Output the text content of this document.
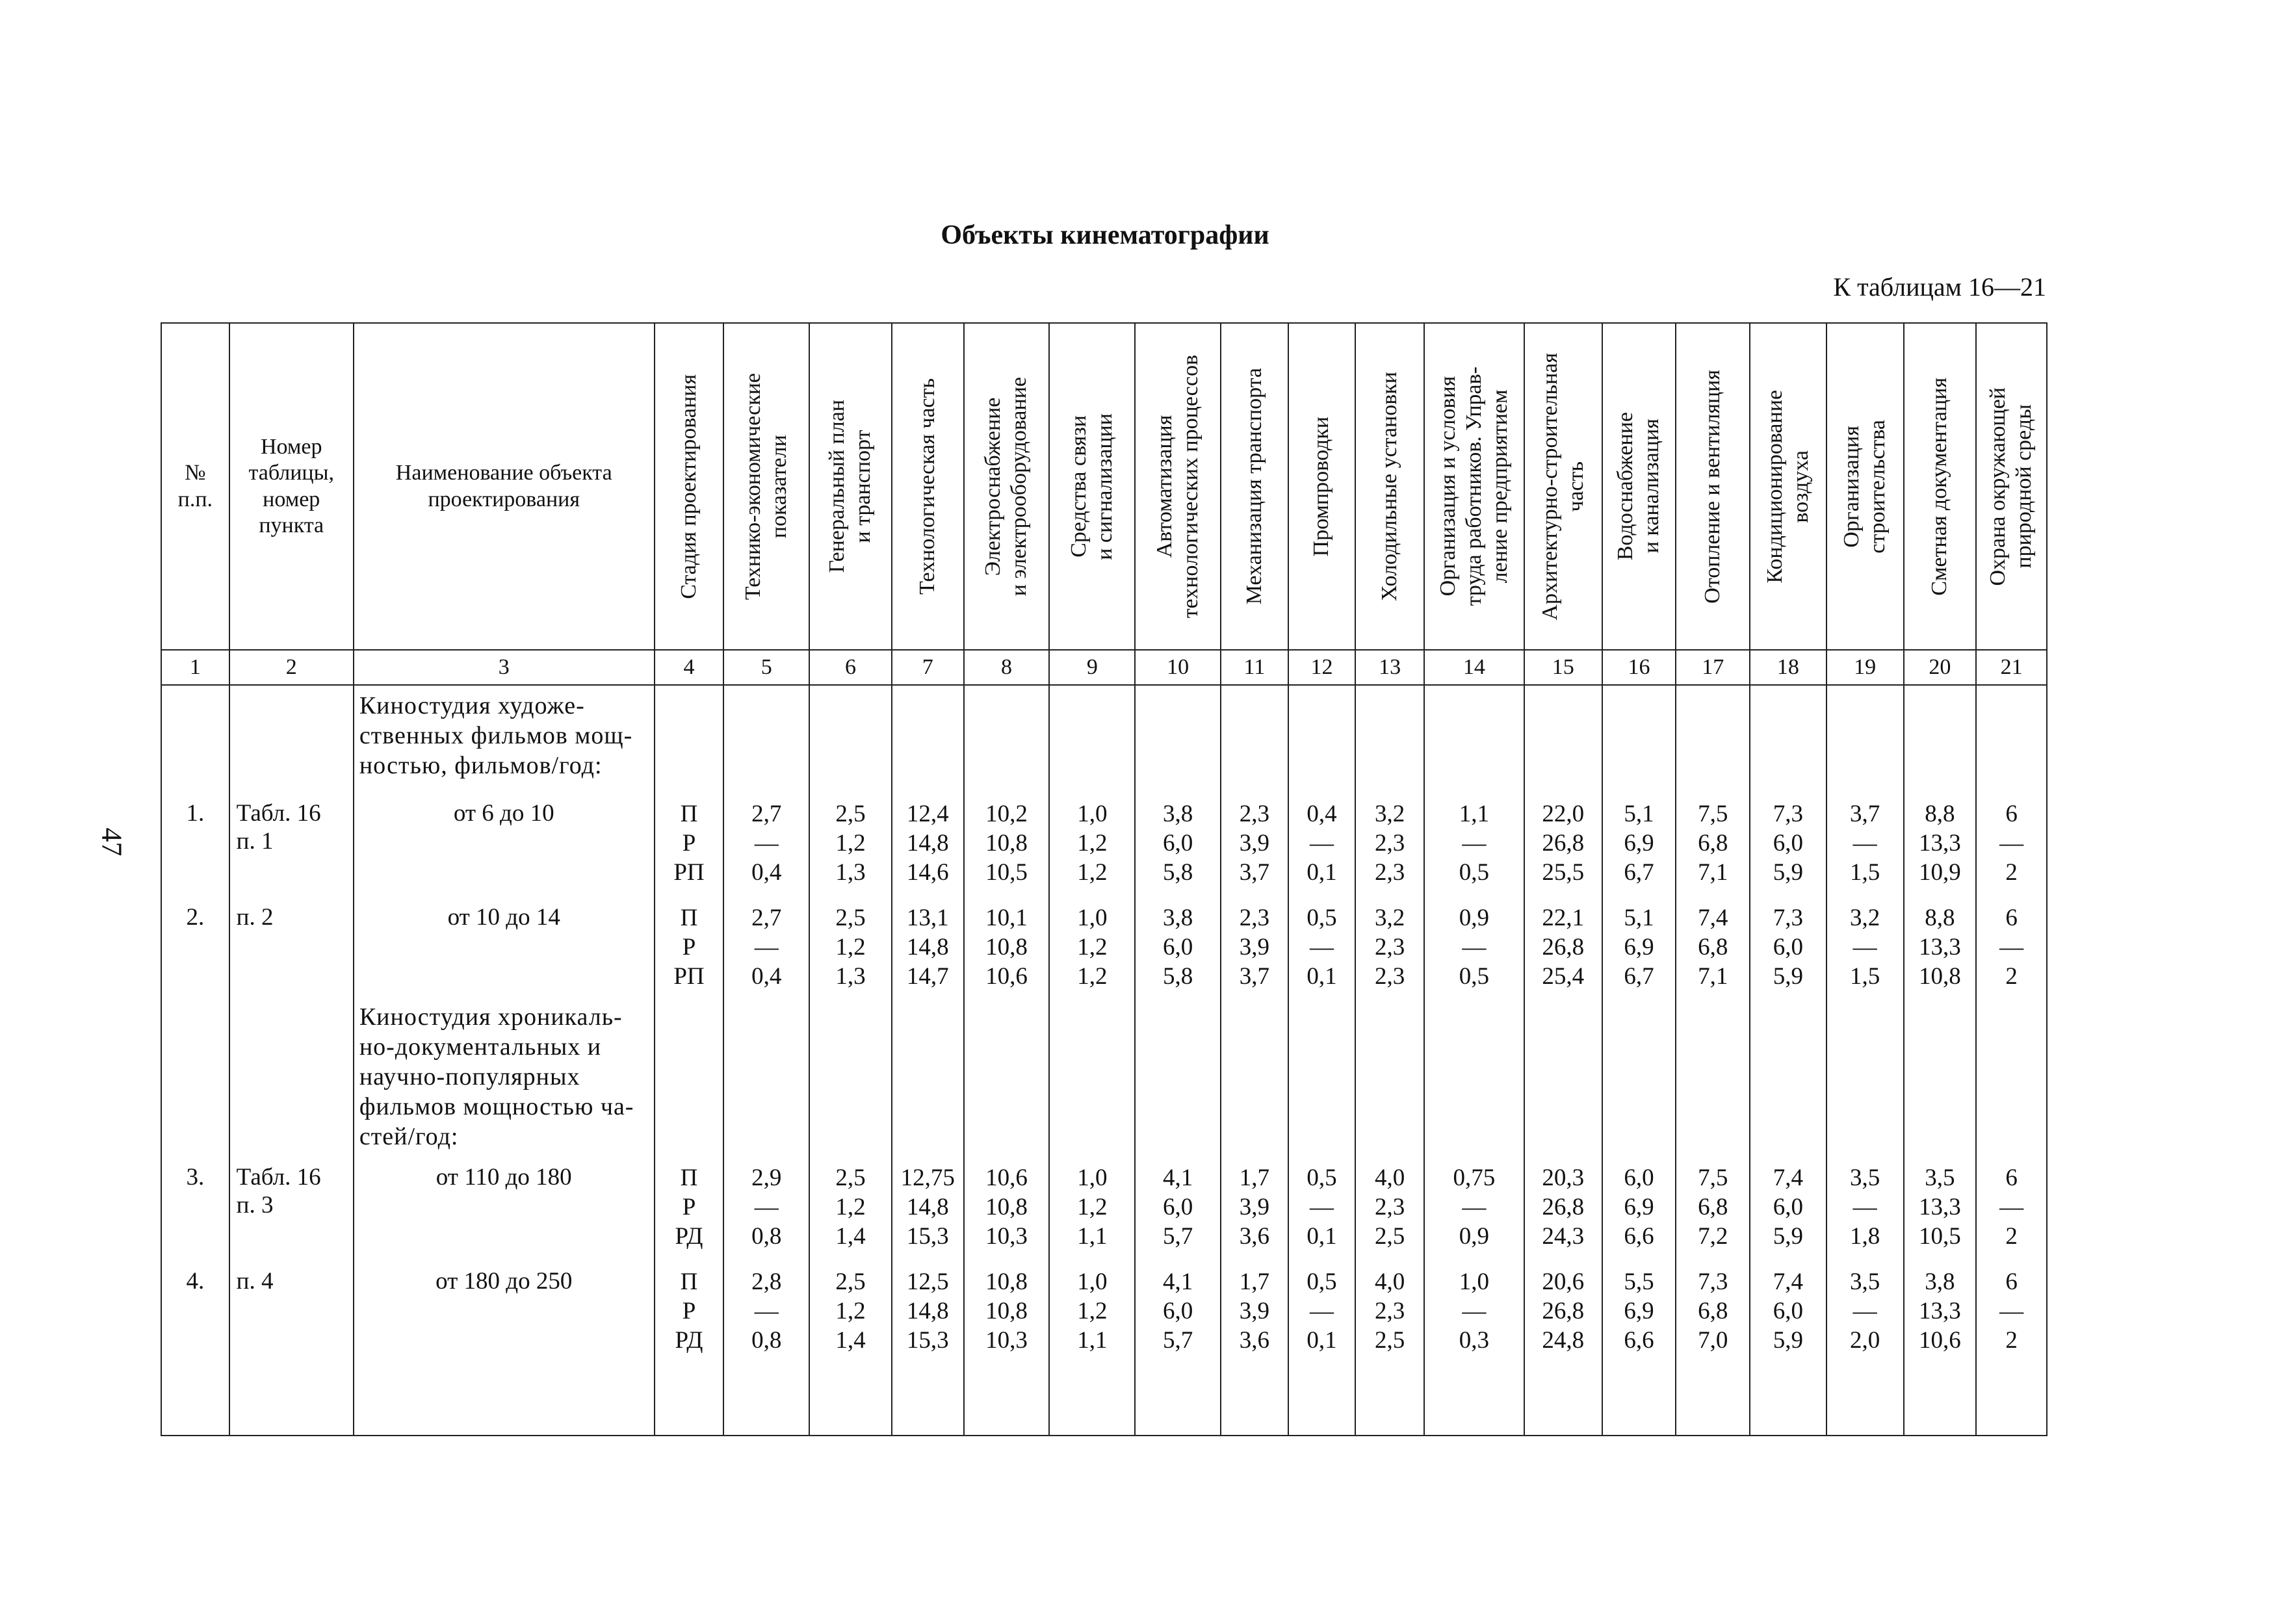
Объекты кинематографии
К таблицам 16—21
47
№
п.п.	Номер
таблицы,
номер
пункта	Наименование объекта
проектирования	Стадия проектирования	Технико-экономические
показатели	Генеральный план
и транспорт	Технологическая часть	Электроснабжение
и электрооборудование	Средства связи
и сигнализации	Автоматизация
технологических процессов	Механизация транспорта	Промпроводки	Холодильные установки	Организация и условия
труда работников. Управ-
ление предприятием	Архитектурно-строительная
часть	Водоснабжение
и канализация	Отопление и вентиляция	Кондиционирование
воздуха	Организация
строительства	Сметная документация	Охрана окружающей
природной среды

1	2	3	4	5	6	7	8	9	10	11	12	13	14	15	16	17	18	19	20	21
		Киностудия художе-
ственных фильмов мощ-
ностью, фильмов/год:																		
1.	Табл. 16
п. 1	от 6 до 10	П
Р
РП	2,7
—
0,4	2,5
1,2
1,3	12,4
14,8
14,6	10,2
10,8
10,5	1,0
1,2
1,2	3,8
6,0
5,8	2,3
3,9
3,7	0,4
—
0,1	3,2
2,3
2,3	1,1
—
0,5	22,0
26,8
25,5	5,1
6,9
6,7	7,5
6,8
7,1	7,3
6,0
5,9	3,7
—
1,5	8,8
13,3
10,9	6
—
2
2.	п. 2	от 10 до 14	П
Р
РП	2,7
—
0,4	2,5
1,2
1,3	13,1
14,8
14,7	10,1
10,8
10,6	1,0
1,2
1,2	3,8
6,0
5,8	2,3
3,9
3,7	0,5
—
0,1	3,2
2,3
2,3	0,9
—
0,5	22,1
26,8
25,4	5,1
6,9
6,7	7,4
6,8
7,1	7,3
6,0
5,9	3,2
—
1,5	8,8
13,3
10,8	6
—
2
		Киностудия хроникаль-
но-документальных и
научно-популярных
фильмов мощностью ча-
стей/год:																		
3.	Табл. 16
п. 3	от 110 до 180	П
Р
РД	2,9
—
0,8	2,5
1,2
1,4	12,75
14,8
15,3	10,6
10,8
10,3	1,0
1,2
1,1	4,1
6,0
5,7	1,7
3,9
3,6	0,5
—
0,1	4,0
2,3
2,5	0,75
—
0,9	20,3
26,8
24,3	6,0
6,9
6,6	7,5
6,8
7,2	7,4
6,0
5,9	3,5
—
1,8	3,5
13,3
10,5	6
—
2
4.	п. 4	от 180 до 250	П
Р
РД	2,8
—
0,8	2,5
1,2
1,4	12,5
14,8
15,3	10,8
10,8
10,3	1,0
1,2
1,1	4,1
6,0
5,7	1,7
3,9
3,6	0,5
—
0,1	4,0
2,3
2,5	1,0
—
0,3	20,6
26,8
24,8	5,5
6,9
6,6	7,3
6,8
7,0	7,4
6,0
5,9	3,5
—
2,0	3,8
13,3
10,6	6
—
2
